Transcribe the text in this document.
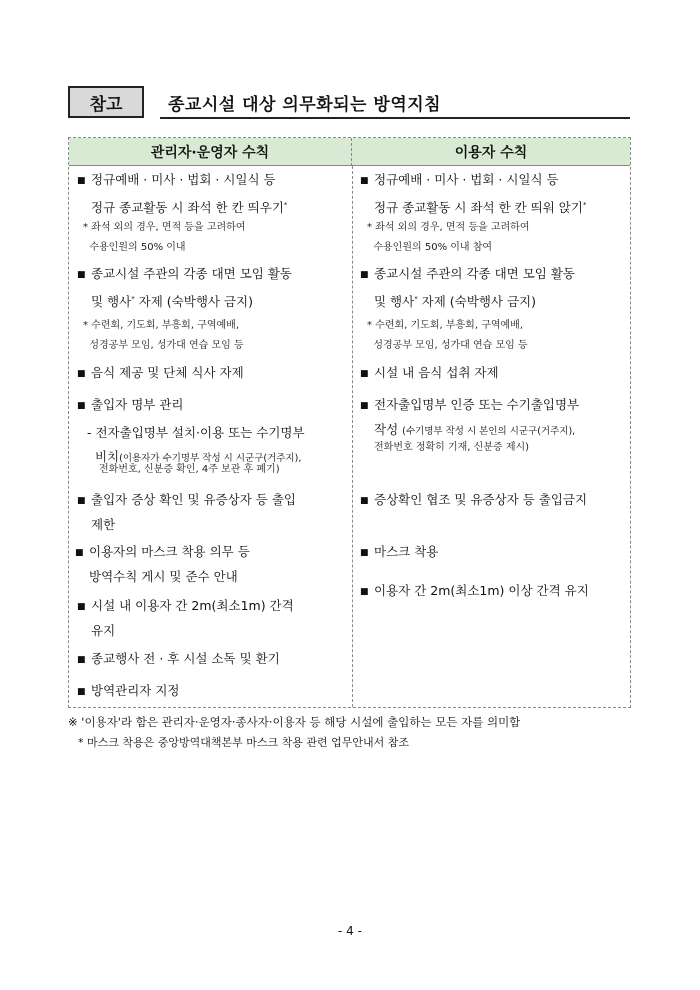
참고	종교시설 대상 의무화되는 방역지침
관리자·운영자 수칙	이용자 수칙
■ 정규예배 · 미사 · 법회 · 시일식 등
정규 종교활동 시 좌석 한 칸 띄우기*
* 좌석 외의 경우, 면적 등을 고려하여
수용인원의 50% 이내
■ 종교시설 주관의 각종 대면 모임 활동
및 행사* 자제 (숙박행사 금지)
* 수련회, 기도회, 부흥회, 구역예배,
성경공부 모임, 성가대 연습 모임 등
■ 음식 제공 및 단체 식사 자제
■ 출입자 명부 관리
- 전자출입명부 설치·이용 또는 수기명부
비치(이용자가 수기명부 작성 시 시군구(거주지),
전화번호, 신분증 확인, 4주 보관 후 폐기)
■ 출입자 증상 확인 및 유증상자 등 출입
제한
■ 이용자의 마스크 착용 의무 등
방역수칙 게시 및 준수 안내
■ 시설 내 이용자 간 2m(최소1m) 간격
유지
■ 종교행사 전 · 후 시설 소독 및 환기
■ 방역관리자 지정
■ 정규예배 · 미사 · 법회 · 시일식 등
정규 종교활동 시 좌석 한 칸 띄워 앉기*
* 좌석 외의 경우, 면적 등을 고려하여
수용인원의 50% 이내 참여
■ 종교시설 주관의 각종 대면 모임 활동
및 행사* 자제 (숙박행사 금지)
* 수련회, 기도회, 부흥회, 구역예배,
성경공부 모임, 성가대 연습 모임 등
■ 시설 내 음식 섭취 자제
■ 전자출입명부 인증 또는 수기출입명부
작성 (수기명부 작성 시 본인의 시군구(거주지),
전화번호 정확히 기재, 신분증 제시)
■ 증상확인 협조 및 유증상자 등 출입금지
■ 마스크 착용
■ 이용자 간 2m(최소1m) 이상 간격 유지
※ '이용자'라 함은 관리자·운영자·종사자·이용자 등 해당 시설에 출입하는 모든 자를 의미함
* 마스크 착용은 중앙방역대책본부 마스크 착용 관련 업무안내서 참조
- 4 -
